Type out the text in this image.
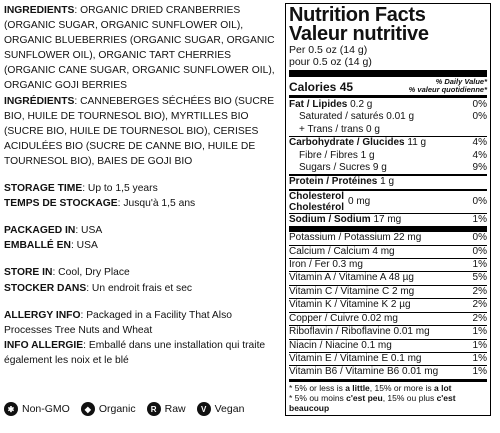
INGREDIENTS: ORGANIC DRIED CRANBERRIES (ORGANIC SUGAR, ORGANIC SUNFLOWER OIL), ORGANIC BLUEBERRIES (ORGANIC SUGAR, ORGANIC SUNFLOWER OIL), ORGANIC TART CHERRIES (ORGANIC CANE SUGAR, ORGANIC SUNFLOWER OIL), ORGANIC GOJI BERRIES

INGRÉDIENTS: CANNEBERGES SÉCHÉES BIO (SUCRE BIO, HUILE DE TOURNESOL BIO), MYRTILLES BIO (SUCRE BIO, HUILE DE TOURNESOL BIO), CERISES ACIDULÉES BIO (SUCRE DE CANNE BIO, HUILE DE TOURNESOL BIO), BAIES DE GOJI BIO

STORAGE TIME: Up to 1,5 years

TEMPS DE STOCKAGE: Jusqu'à 1,5 ans

PACKAGED IN: USA

EMBALLÉ EN: USA

STORE IN: Cool, Dry Place

STOCKER DANS: Un endroit frais et sec

ALLERGY INFO: Packaged in a Facility That Also Processes Tree Nuts and Wheat

INFO ALLERGIE: Emballé dans une installation qui traite également les noix et le blé

✱ Non-GMO	◆ Organic	R Raw	V Vegan
Nutrition Facts
Valeur nutritive
Per 0.5 oz (14 g)
pour 0.5 oz (14 g)
Calories 45	% Daily Value*
% valeur quotidienne*
Fat / Lipides 0.2 g	0%
Saturated / saturés 0.01 g	0%
+ Trans / trans 0 g
Carbohydrate / Glucides 11 g	4%
Fibre / Fibres 1 g	4%
Sugars / Sucres 9 g	9%
Protein / Protéines 1 g
Cholesterol
Cholestérol 0 mg	0%
Sodium / Sodium 17 mg	1%
Potassium / Potassium 22 mg	0%
Calcium / Calcium 4 mg	0%
Iron / Fer 0.3 mg	1%
Vitamin A / Vitamine A 48 µg	5%
Vitamin C / Vitamine C 2 mg	2%
Vitamin K / Vitamine K 2 µg	2%
Copper / Cuivre 0.02 mg	2%
Riboflavin / Riboflavine 0.01 mg	1%
Niacin / Niacine 0.1 mg	1%
Vitamin E / Vitamine E 0.1 mg	1%
Vitamin B6 / Vitamine B6 0.01 mg	1%
* 5% or less is a little, 15% or more is a lot
* 5% ou moins c'est peu, 15% ou plus c'est beaucoup
